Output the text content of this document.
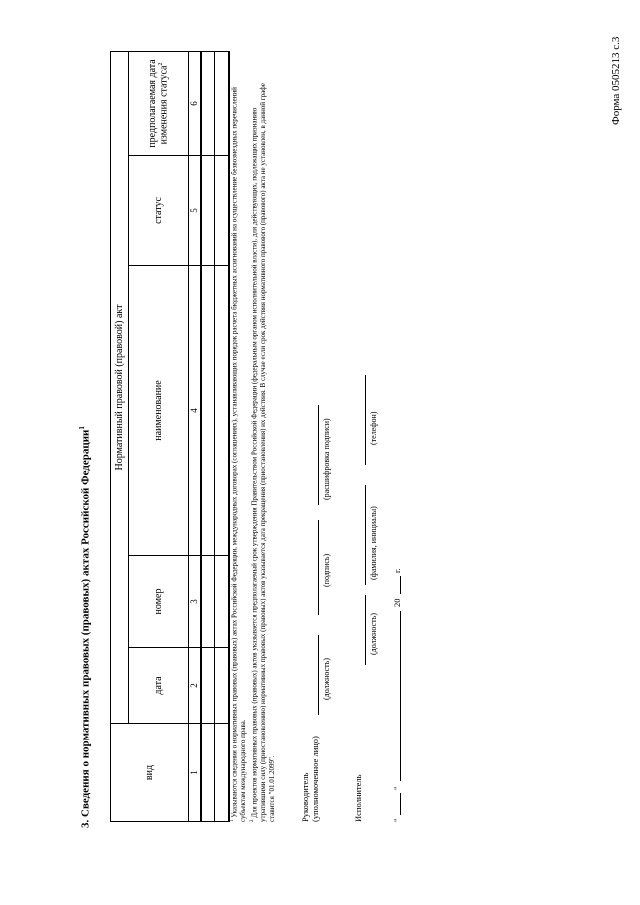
Форма 0505213 с.3
3. Сведения о нормативных правовых (правовых) актах Российской Федерации$^1$
вид	Нормативный правовой (правовой) акт				
	дата	номер	наименование	статус	предполагаемая дата изменения статуса$^2$
1	2	3	4	5	6

$^1$ Указываются сведения о нормативных правовых (правовых) актах Российской Федерации, международных договорах (соглашениях), устанавливающих порядок расчета бюджетных ассигнований на осуществление безвозмездных перечислений субъектам международного права. $^2$ Для проектов нормативных правовых (правовых) актов указывается предполагаемый срок утверждения Правительством Российской Федерации (федеральным органом исполнительной власти), для действующих, подлежащих признанию утратившими силу (приостановлению) нормативных правовых (правовых) актов указывается дата прекращения (приостановления) их действия. В случае если срок действия нормативного правового (правового) акта не установлен, в данной графе ставится "01.01.2099".	Руководитель (уполномоченное лицо)
(должность)
(подпись)
(расшифровка подписи)
Исполнитель
(должность)
(фамилия, инициалы)
(телефон)
"
"
20
г.
